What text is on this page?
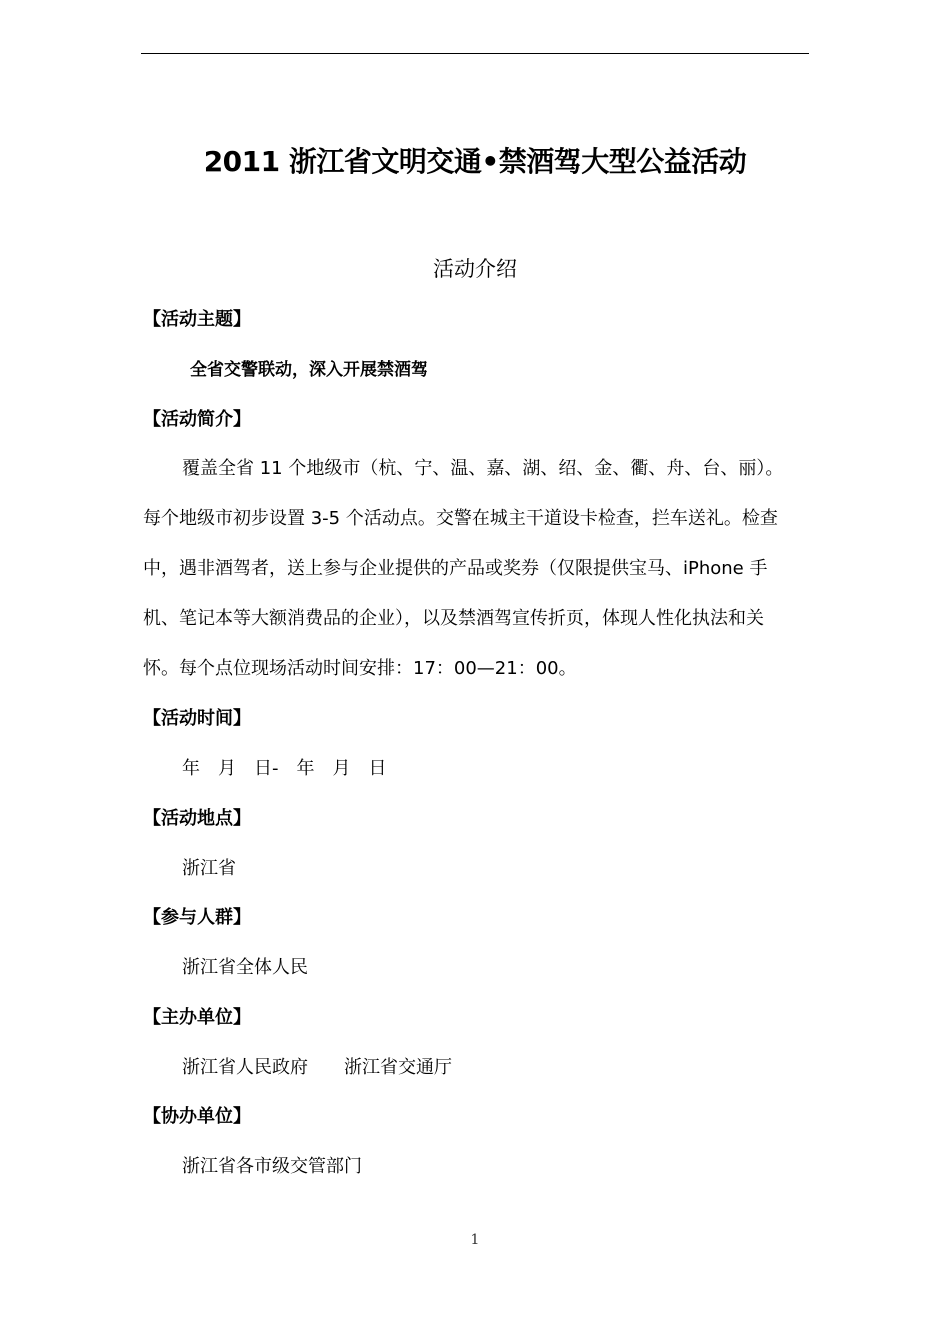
2011 浙江省文明交通•禁酒驾大型公益活动
活动介绍
【活动主题】
全省交警联动，深入开展禁酒驾
【活动简介】
覆盖全省 11 个地级市（杭、宁、温、嘉、湖、绍、金、衢、舟、台、丽）。
每个地级市初步设置 3-5 个活动点。交警在城主干道设卡检查，拦车送礼。检查
中，遇非酒驾者，送上参与企业提供的产品或奖券（仅限提供宝马、iPhone 手
机、笔记本等大额消费品的企业），以及禁酒驾宣传折页，体现人性化执法和关
怀。每个点位现场活动时间安排：17：00—21：00。
【活动时间】
年　月　日-　年　月　日
【活动地点】
浙江省
【参与人群】
浙江省全体人民
【主办单位】
浙江省人民政府 浙江省交通厅
【协办单位】
浙江省各市级交管部门
1
